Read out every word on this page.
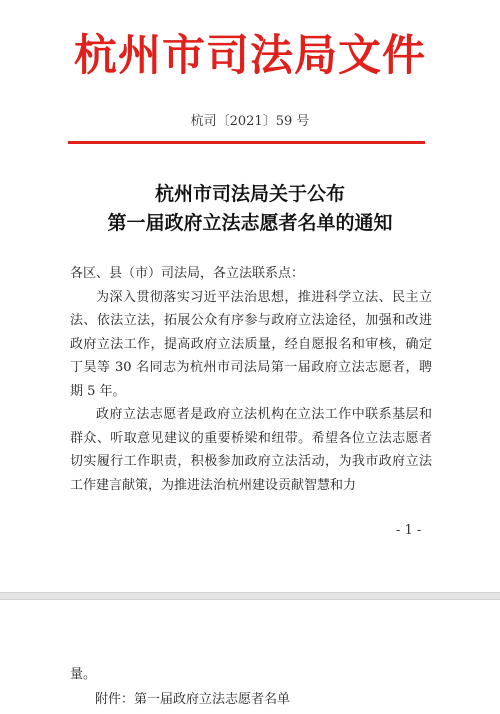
杭州市司法局文件
杭司〔2021〕59 号
杭州市司法局关于公布
第一届政府立法志愿者名单的通知

各区、县（市）司法局，各立法联系点：

为深入贯彻落实习近平法治思想，推进科学立法、民主立法、依法立法，拓展公众有序参与政府立法途径，加强和改进政府立法工作，提高政府立法质量，经自愿报名和审核，确定丁昊等 30 名同志为杭州市司法局第一届政府立法志愿者，聘期 5 年。

政府立法志愿者是政府立法机构在立法工作中联系基层和群众、听取意见建议的重要桥梁和纽带。希望各位立法志愿者切实履行工作职责，积极参加政府立法活动，为我市政府立法工作建言献策，为推进法治杭州建设贡献智慧和力

- 1 -
量。
附件：第一届政府立法志愿者名单
